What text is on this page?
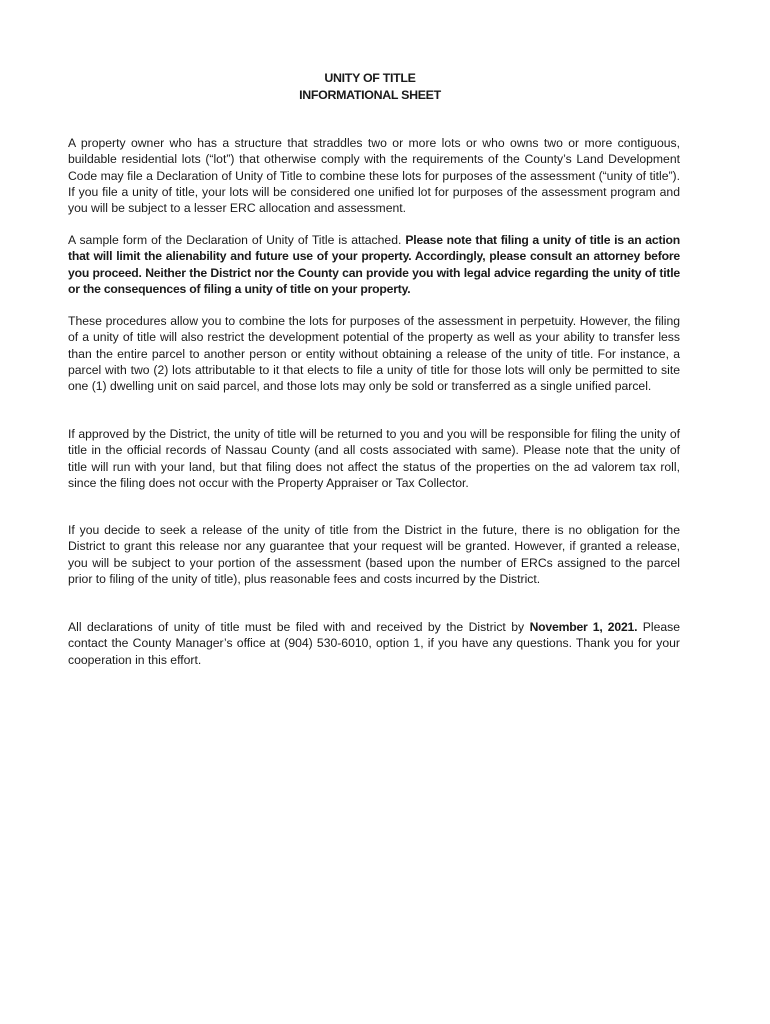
UNITY OF TITLE
INFORMATIONAL SHEET

A property owner who has a structure that straddles two or more lots or who owns two or more contiguous, buildable residential lots (“lot”) that otherwise comply with the requirements of the County’s Land Development Code may file a Declaration of Unity of Title to combine these lots for purposes of the assessment (“unity of title”). If you file a unity of title, your lots will be considered one unified lot for purposes of the assessment program and you will be subject to a lesser ERC allocation and assessment.

A sample form of the Declaration of Unity of Title is attached. Please note that filing a unity of title is an action that will limit the alienability and future use of your property. Accordingly, please consult an attorney before you proceed. Neither the District nor the County can provide you with legal advice regarding the unity of title or the consequences of filing a unity of title on your property.

These procedures allow you to combine the lots for purposes of the assessment in perpetuity. However, the filing of a unity of title will also restrict the development potential of the property as well as your ability to transfer less than the entire parcel to another person or entity without obtaining a release of the unity of title. For instance, a parcel with two (2) lots attributable to it that elects to file a unity of title for those lots will only be permitted to site one (1) dwelling unit on said parcel, and those lots may only be sold or transferred as a single unified parcel.

If approved by the District, the unity of title will be returned to you and you will be responsible for filing the unity of title in the official records of Nassau County (and all costs associated with same). Please note that the unity of title will run with your land, but that filing does not affect the status of the properties on the ad valorem tax roll, since the filing does not occur with the Property Appraiser or Tax Collector.

If you decide to seek a release of the unity of title from the District in the future, there is no obligation for the District to grant this release nor any guarantee that your request will be granted. However, if granted a release, you will be subject to your portion of the assessment (based upon the number of ERCs assigned to the parcel prior to filing of the unity of title), plus reasonable fees and costs incurred by the District.

All declarations of unity of title must be filed with and received by the District by November 1, 2021. Please contact the County Manager’s office at (904) 530-6010, option 1, if you have any questions. Thank you for your cooperation in this effort.
